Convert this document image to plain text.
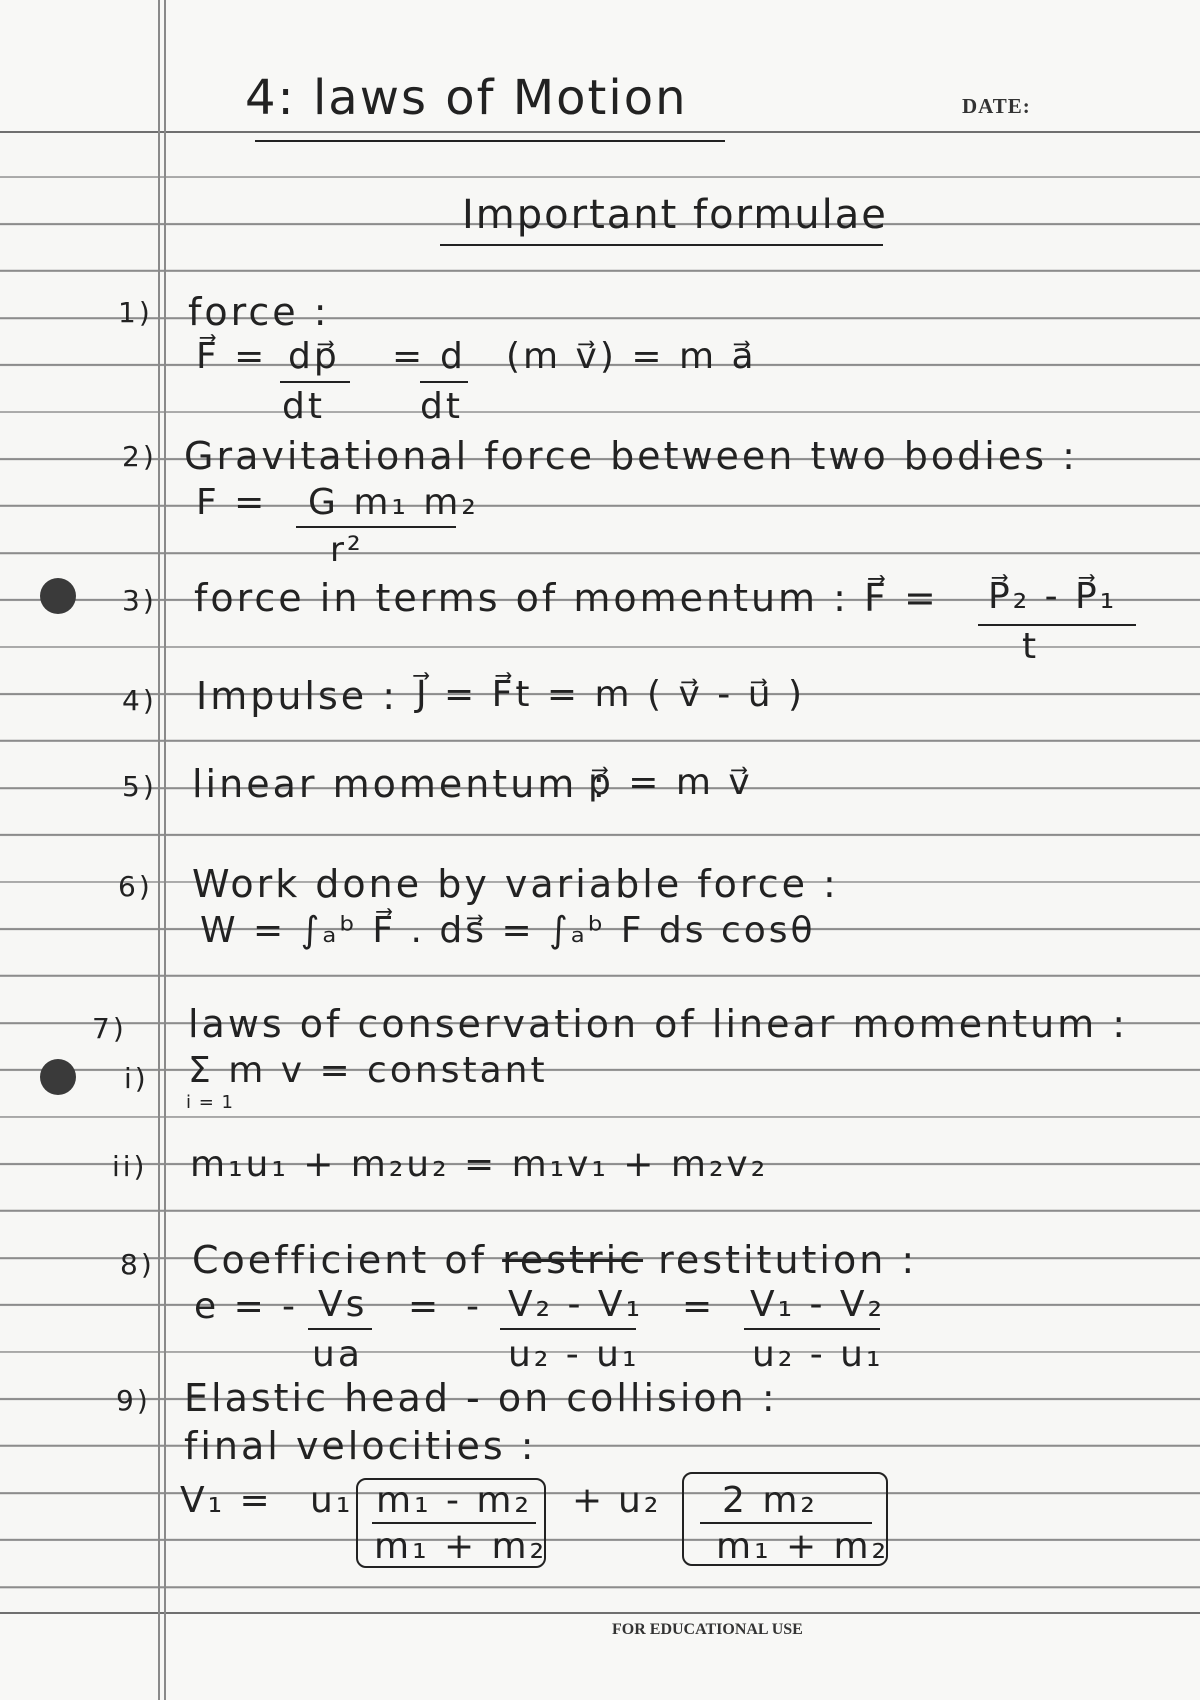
4: laws of Motion	DATE:
Important formulae
1) force :
F⃗ = dp⃗
dt
= d
dt
(m v⃗) = m a⃗
2) Gravitational force between two bodies :
F = G m₁ m₂
r²
3) force in terms of momentum : F⃗ = P⃗₂ - P⃗₁
t
4) Impulse : J⃗ = F⃗t = m ( v⃗ - u⃗ )
5) linear momentum :
p⃗ = m v⃗
6) Work done by variable force :
W = ∫ₐᵇ F⃗ . ds⃗ = ∫ₐᵇ F ds cosθ
7) laws of conservation of linear momentum :
i) Σ m v = constant
i = 1
ii) m₁u₁ + m₂u₂ = m₁v₁ + m₂v₂
8) Coefficient of restric restitution :
e = - Vs
ua
= - V₂ - V₁
u₂ - u₁
= V₁ - V₂
u₂ - u₁
9) Elastic head - on collision :
final velocities :
V₁ = u₁ m₁ - m₂
m₁ + m₂
+ u₂ 2 m₂
m₁ + m₂
FOR EDUCATIONAL USE
